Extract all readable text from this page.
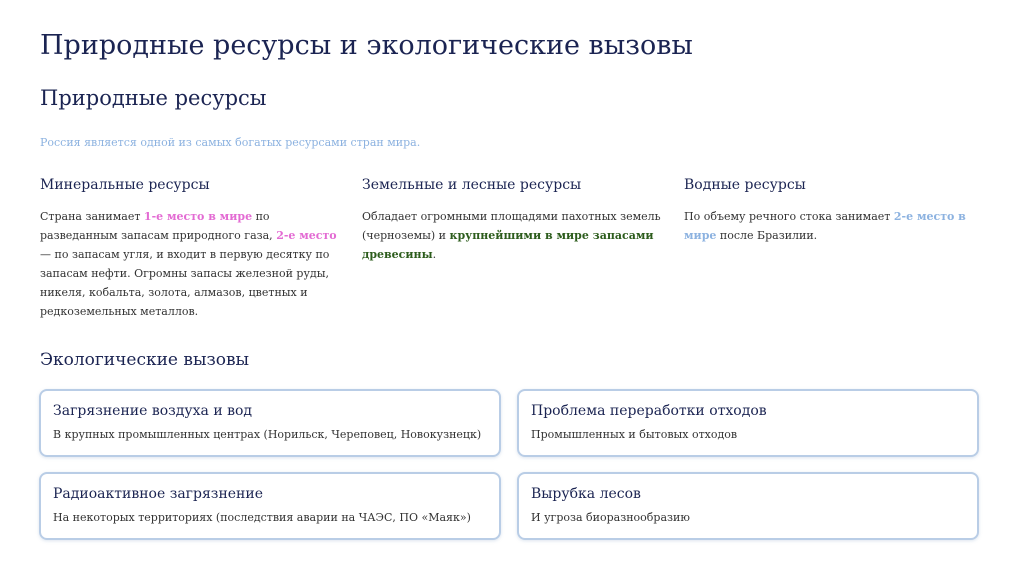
Природные ресурсы и экологические вызовы
Природные ресурсы
Россия является одной из самых богатых ресурсами стран мира.
Минеральные ресурсы

Страна занимает 1-е место в мире по разведанным запасам природного газа, 2-е место — по запасам угля, и входит в первую десятку по запасам нефти. Огромны запасы железной руды, никеля, кобальта, золота, алмазов, цветных и редкоземельных металлов.

Земельные и лесные ресурсы

Обладает огромными площадями пахотных земель (черноземы) и крупнейшими в мире запасами древесины.

Водные ресурсы

По объему речного стока занимает 2-е место в мире после Бразилии.

Экологические вызовы
Загрязнение воздуха и вод

В крупных промышленных центрах (Норильск, Череповец, Новокузнецк)

Проблема переработки отходов

Промышленных и бытовых отходов

Радиоактивное загрязнение

На некоторых территориях (последствия аварии на ЧАЭС, ПО «Маяк»)

Вырубка лесов

И угроза биоразнообразию
